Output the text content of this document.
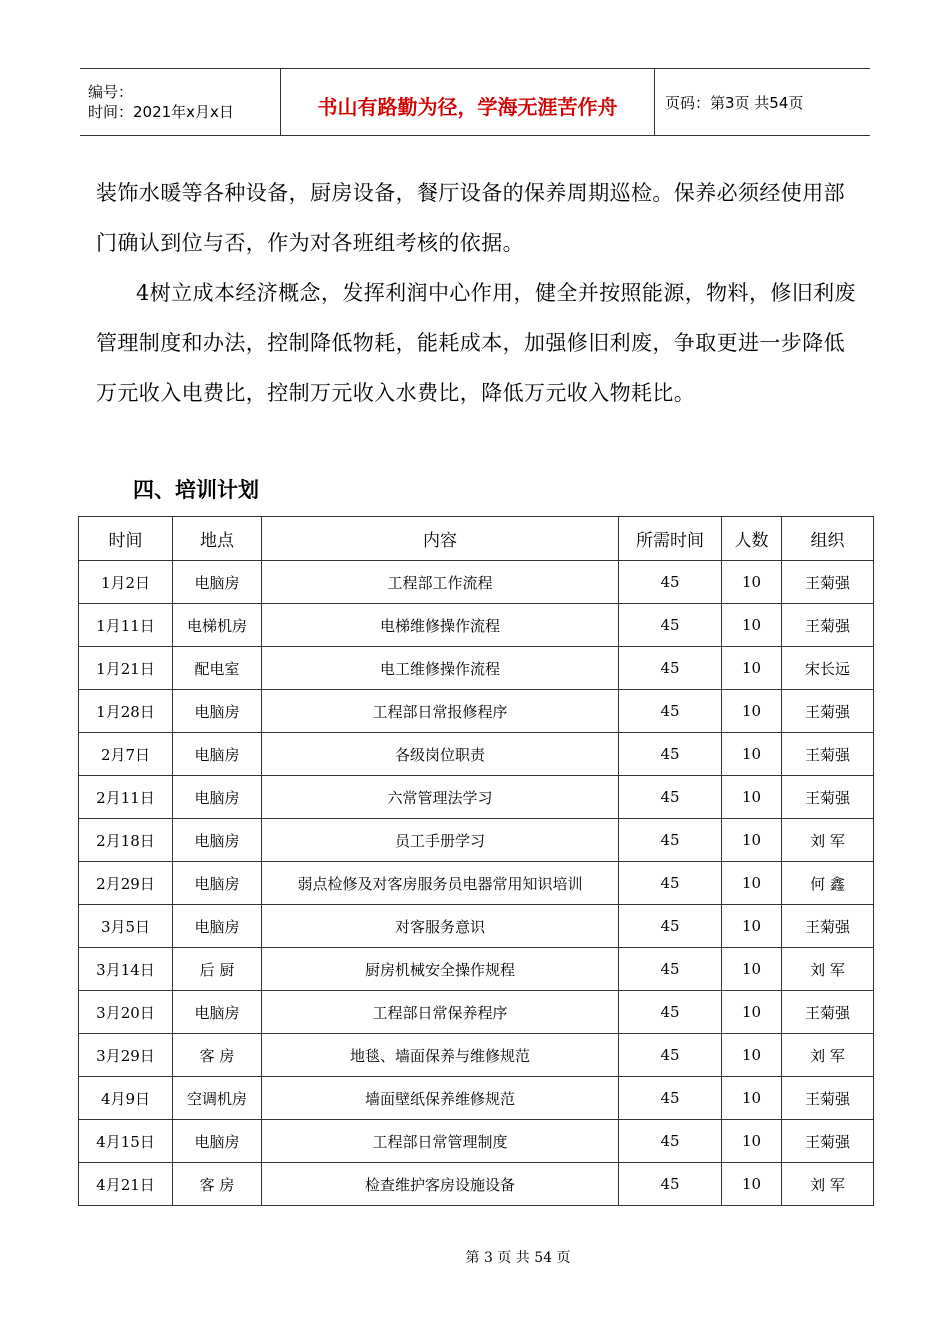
编号：
时间：2021年x月x日	书山有路勤为径，学海无涯苦作舟	页码：第3页 共54页

装饰水暖等各种设备，厨房设备，餐厅设备的保养周期巡检。保养必须经使用部门确认到位与否，作为对各班组考核的依据。

4树立成本经济概念，发挥利润中心作用，健全并按照能源，物料，修旧利废管理制度和办法，控制降低物耗，能耗成本，加强修旧利废，争取更进一步降低万元收入电费比，控制万元收入水费比，降低万元收入物耗比。

四、培训计划
时间	地点	内容	所需时间	人数	组织
1月2日	电脑房	工程部工作流程	45	10	王菊强
1月11日	电梯机房	电梯维修操作流程	45	10	王菊强
1月21日	配电室	电工维修操作流程	45	10	宋长远
1月28日	电脑房	工程部日常报修程序	45	10	王菊强
2月7日	电脑房	各级岗位职责	45	10	王菊强
2月11日	电脑房	六常管理法学习	45	10	王菊强
2月18日	电脑房	员工手册学习	45	10	刘 军
2月29日	电脑房	弱点检修及对客房服务员电器常用知识培训	45	10	何 鑫
3月5日	电脑房	对客服务意识	45	10	王菊强
3月14日	后 厨	厨房机械安全操作规程	45	10	刘 军
3月20日	电脑房	工程部日常保养程序	45	10	王菊强
3月29日	客 房	地毯、墙面保养与维修规范	45	10	刘 军
4月9日	空调机房	墙面壁纸保养维修规范	45	10	王菊强
4月15日	电脑房	工程部日常管理制度	45	10	王菊强
4月21日	客 房	检查维护客房设施设备	45	10	刘 军
第 3 页 共 54 页
